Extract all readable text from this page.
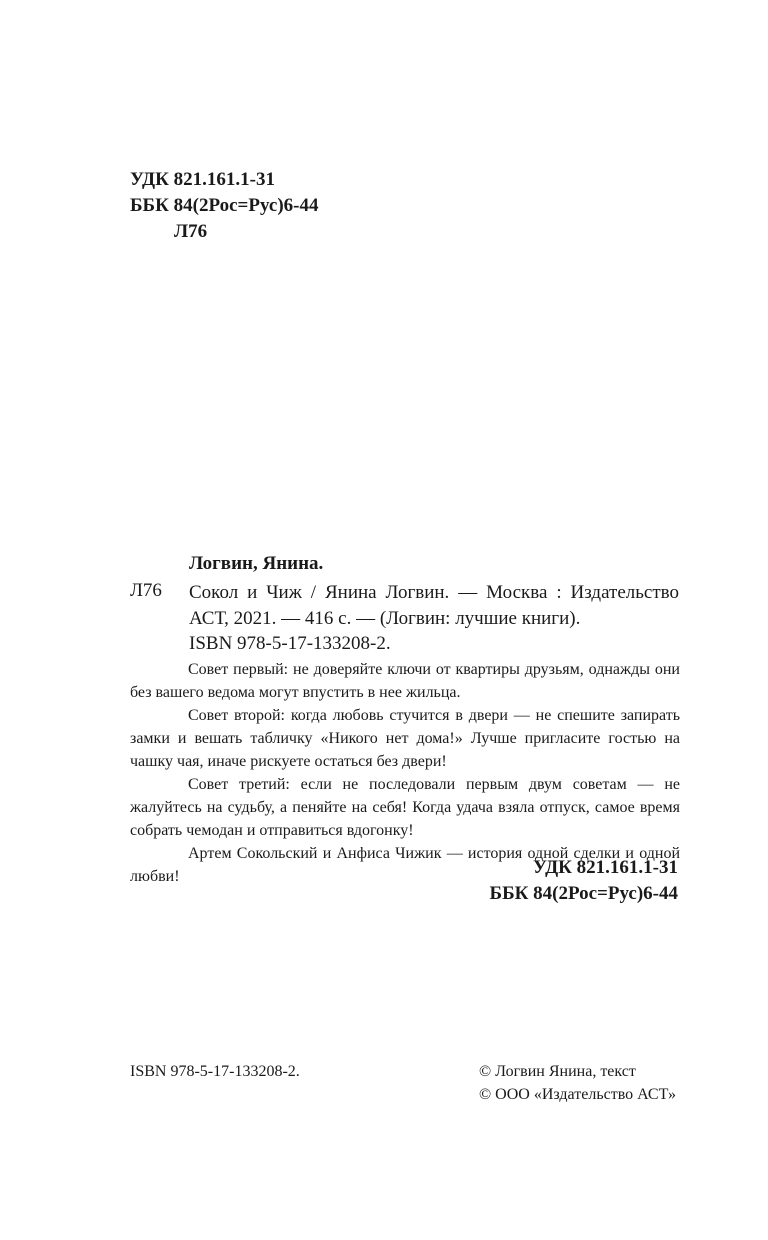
УДК 821.161.1-31
ББК 84(2Рос=Рус)6-44
Л76
Логвин, Янина.
Л76 Сокол и Чиж / Янина Логвин. — Москва : Издательство АСТ, 2021. — 416 с. — (Логвин: лучшие книги).
ISBN 978-5-17-133208-2.

Совет первый: не доверяйте ключи от квартиры друзьям, однажды они без вашего ведома могут впустить в нее жильца.

Совет второй: когда любовь стучится в двери — не спешите запирать замки и вешать табличку «Никого нет дома!» Лучше пригласите гостью на чашку чая, иначе рискуете остаться без двери!

Совет третий: если не последовали первым двум советам — не жалуйтесь на судьбу, а пеняйте на себя! Когда удача взяла отпуск, самое время собрать чемодан и отправиться вдогонку!

Артем Сокольский и Анфиса Чижик — история одной сделки и одной любви!	УДК 821.161.1-31
ББК 84(2Рос=Рус)6-44
ISBN 978-5-17-133208-2.	© Логвин Янина, текст
© ООО «Издательство АСТ»
